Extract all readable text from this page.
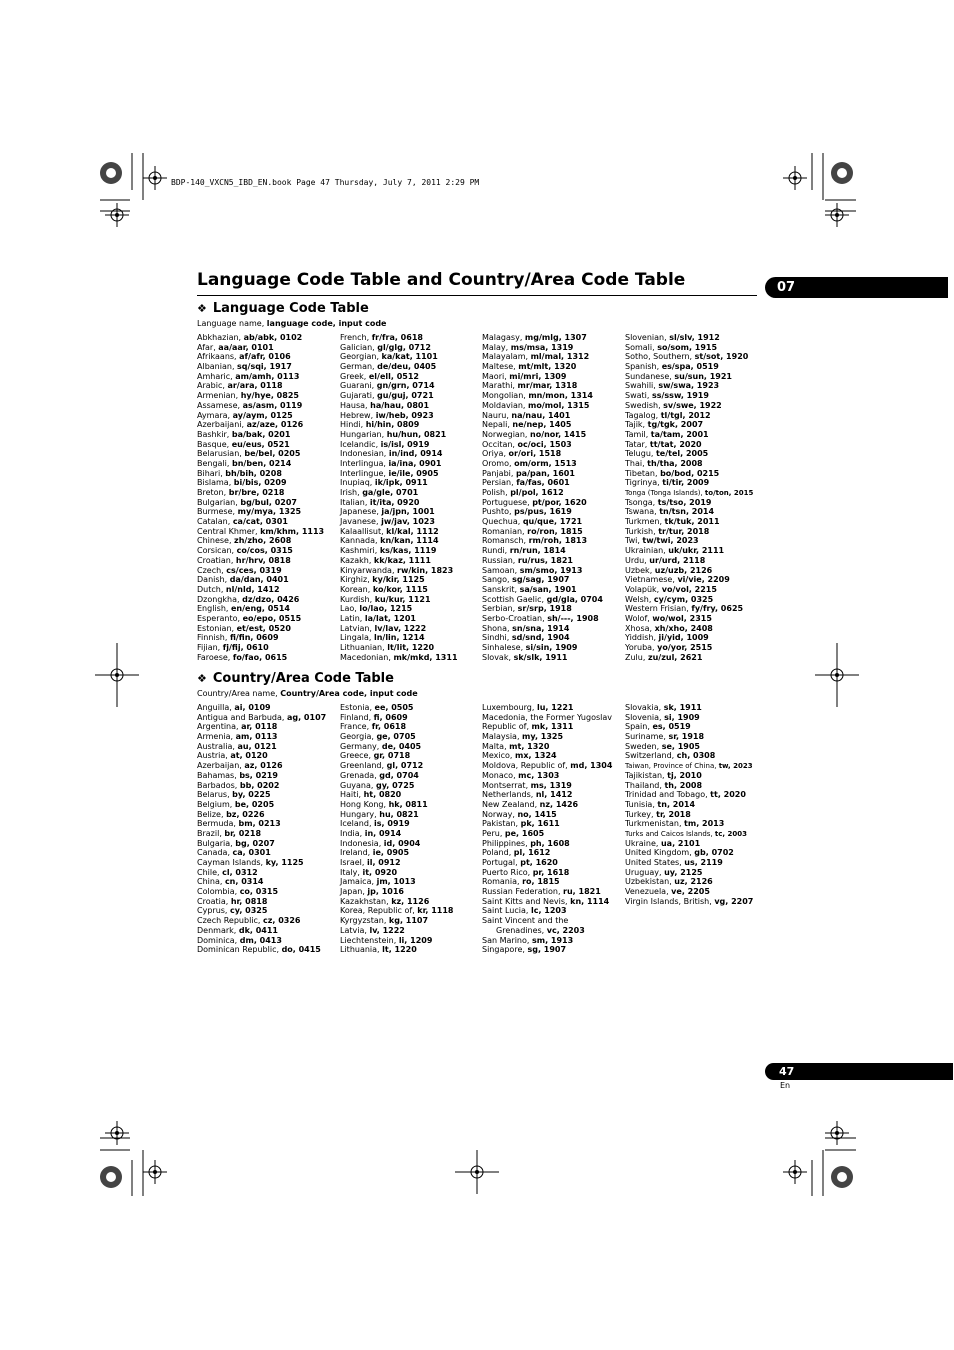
BDP-140_VXCN5_IBD_EN.book Page 47 Thursday, July 7, 2011 2:29 PM
Language Code Table and Country/Area Code Table	07
❖ Language Code Table
Language name, language code, input code
Abkhazian, ab/abk, 0102
Afar, aa/aar, 0101
Afrikaans, af/afr, 0106
Albanian, sq/sqi, 1917
Amharic, am/amh, 0113
Arabic, ar/ara, 0118
Armenian, hy/hye, 0825
Assamese, as/asm, 0119
Aymara, ay/aym, 0125
Azerbaijani, az/aze, 0126
Bashkir, ba/bak, 0201
Basque, eu/eus, 0521
Belarusian, be/bel, 0205
Bengali, bn/ben, 0214
Bihari, bh/bih, 0208
Bislama, bi/bis, 0209
Breton, br/bre, 0218
Bulgarian, bg/bul, 0207
Burmese, my/mya, 1325
Catalan, ca/cat, 0301
Central Khmer, km/khm, 1113
Chinese, zh/zho, 2608
Corsican, co/cos, 0315
Croatian, hr/hrv, 0818
Czech, cs/ces, 0319
Danish, da/dan, 0401
Dutch, nl/nld, 1412
Dzongkha, dz/dzo, 0426
English, en/eng, 0514
Esperanto, eo/epo, 0515
Estonian, et/est, 0520
Finnish, fi/fin, 0609
Fijian, fj/fij, 0610
Faroese, fo/fao, 0615
French, fr/fra, 0618
Galician, gl/glg, 0712
Georgian, ka/kat, 1101
German, de/deu, 0405
Greek, el/ell, 0512
Guarani, gn/grn, 0714
Gujarati, gu/guj, 0721
Hausa, ha/hau, 0801
Hebrew, iw/heb, 0923
Hindi, hi/hin, 0809
Hungarian, hu/hun, 0821
Icelandic, is/isl, 0919
Indonesian, in/ind, 0914
Interlingua, ia/ina, 0901
Interlingue, ie/ile, 0905
Inupiaq, ik/ipk, 0911
Irish, ga/gle, 0701
Italian, it/ita, 0920
Japanese, ja/jpn, 1001
Javanese, jw/jav, 1023
Kalaallisut, kl/kal, 1112
Kannada, kn/kan, 1114
Kashmiri, ks/kas, 1119
Kazakh, kk/kaz, 1111
Kinyarwanda, rw/kin, 1823
Kirghiz, ky/kir, 1125
Korean, ko/kor, 1115
Kurdish, ku/kur, 1121
Lao, lo/lao, 1215
Latin, la/lat, 1201
Latvian, lv/lav, 1222
Lingala, ln/lin, 1214
Lithuanian, lt/lit, 1220
Macedonian, mk/mkd, 1311
Malagasy, mg/mlg, 1307
Malay, ms/msa, 1319
Malayalam, ml/mal, 1312
Maltese, mt/mlt, 1320
Maori, mi/mri, 1309
Marathi, mr/mar, 1318
Mongolian, mn/mon, 1314
Moldavian, mo/mol, 1315
Nauru, na/nau, 1401
Nepali, ne/nep, 1405
Norwegian, no/nor, 1415
Occitan, oc/oci, 1503
Oriya, or/ori, 1518
Oromo, om/orm, 1513
Panjabi, pa/pan, 1601
Persian, fa/fas, 0601
Polish, pl/pol, 1612
Portuguese, pt/por, 1620
Pushto, ps/pus, 1619
Quechua, qu/que, 1721
Romanian, ro/ron, 1815
Romansch, rm/roh, 1813
Rundi, rn/run, 1814
Russian, ru/rus, 1821
Samoan, sm/smo, 1913
Sango, sg/sag, 1907
Sanskrit, sa/san, 1901
Scottish Gaelic, gd/gla, 0704
Serbian, sr/srp, 1918
Serbo-Croatian, sh/---, 1908
Shona, sn/sna, 1914
Sindhi, sd/snd, 1904
Sinhalese, si/sin, 1909
Slovak, sk/slk, 1911
Slovenian, sl/slv, 1912
Somali, so/som, 1915
Sotho, Southern, st/sot, 1920
Spanish, es/spa, 0519
Sundanese, su/sun, 1921
Swahili, sw/swa, 1923
Swati, ss/ssw, 1919
Swedish, sv/swe, 1922
Tagalog, tl/tgl, 2012
Tajik, tg/tgk, 2007
Tamil, ta/tam, 2001
Tatar, tt/tat, 2020
Telugu, te/tel, 2005
Thai, th/tha, 2008
Tibetan, bo/bod, 0215
Tigrinya, ti/tir, 2009
Tonga (Tonga Islands), to/ton, 2015
Tsonga, ts/tso, 2019
Tswana, tn/tsn, 2014
Turkmen, tk/tuk, 2011
Turkish, tr/tur, 2018
Twi, tw/twi, 2023
Ukrainian, uk/ukr, 2111
Urdu, ur/urd, 2118
Uzbek, uz/uzb, 2126
Vietnamese, vi/vie, 2209
Volapük, vo/vol, 2215
Welsh, cy/cym, 0325
Western Frisian, fy/fry, 0625
Wolof, wo/wol, 2315
Xhosa, xh/xho, 2408
Yiddish, ji/yid, 1009
Yoruba, yo/yor, 2515
Zulu, zu/zul, 2621
❖ Country/Area Code Table
Country/Area name, Country/Area code, input code
Anguilla, ai, 0109
Antigua and Barbuda, ag, 0107
Argentina, ar, 0118
Armenia, am, 0113
Australia, au, 0121
Austria, at, 0120
Azerbaijan, az, 0126
Bahamas, bs, 0219
Barbados, bb, 0202
Belarus, by, 0225
Belgium, be, 0205
Belize, bz, 0226
Bermuda, bm, 0213
Brazil, br, 0218
Bulgaria, bg, 0207
Canada, ca, 0301
Cayman Islands, ky, 1125
Chile, cl, 0312
China, cn, 0314
Colombia, co, 0315
Croatia, hr, 0818
Cyprus, cy, 0325
Czech Republic, cz, 0326
Denmark, dk, 0411
Dominica, dm, 0413
Dominican Republic, do, 0415
Estonia, ee, 0505
Finland, fi, 0609
France, fr, 0618
Georgia, ge, 0705
Germany, de, 0405
Greece, gr, 0718
Greenland, gl, 0712
Grenada, gd, 0704
Guyana, gy, 0725
Haiti, ht, 0820
Hong Kong, hk, 0811
Hungary, hu, 0821
Iceland, is, 0919
India, in, 0914
Indonesia, id, 0904
Ireland, ie, 0905
Israel, il, 0912
Italy, it, 0920
Jamaica, jm, 1013
Japan, jp, 1016
Kazakhstan, kz, 1126
Korea, Republic of, kr, 1118
Kyrgyzstan, kg, 1107
Latvia, lv, 1222
Liechtenstein, li, 1209
Lithuania, lt, 1220
Luxembourg, lu, 1221
Macedonia, the Former Yugoslav
Republic of, mk, 1311
Malaysia, my, 1325
Malta, mt, 1320
Mexico, mx, 1324
Moldova, Republic of, md, 1304
Monaco, mc, 1303
Montserrat, ms, 1319
Netherlands, nl, 1412
New Zealand, nz, 1426
Norway, no, 1415
Pakistan, pk, 1611
Peru, pe, 1605
Philippines, ph, 1608
Poland, pl, 1612
Portugal, pt, 1620
Puerto Rico, pr, 1618
Romania, ro, 1815
Russian Federation, ru, 1821
Saint Kitts and Nevis, kn, 1114
Saint Lucia, lc, 1203
Saint Vincent and the
Grenadines, vc, 2203
San Marino, sm, 1913
Singapore, sg, 1907
Slovakia, sk, 1911
Slovenia, si, 1909
Spain, es, 0519
Suriname, sr, 1918
Sweden, se, 1905
Switzerland, ch, 0308
Taiwan, Province of China, tw, 2023
Tajikistan, tj, 2010
Thailand, th, 2008
Trinidad and Tobago, tt, 2020
Tunisia, tn, 2014
Turkey, tr, 2018
Turkmenistan, tm, 2013
Turks and Caicos Islands, tc, 2003
Ukraine, ua, 2101
United Kingdom, gb, 0702
United States, us, 2119
Uruguay, uy, 2125
Uzbekistan, uz, 2126
Venezuela, ve, 2205
Virgin Islands, British, vg, 2207
47
En
